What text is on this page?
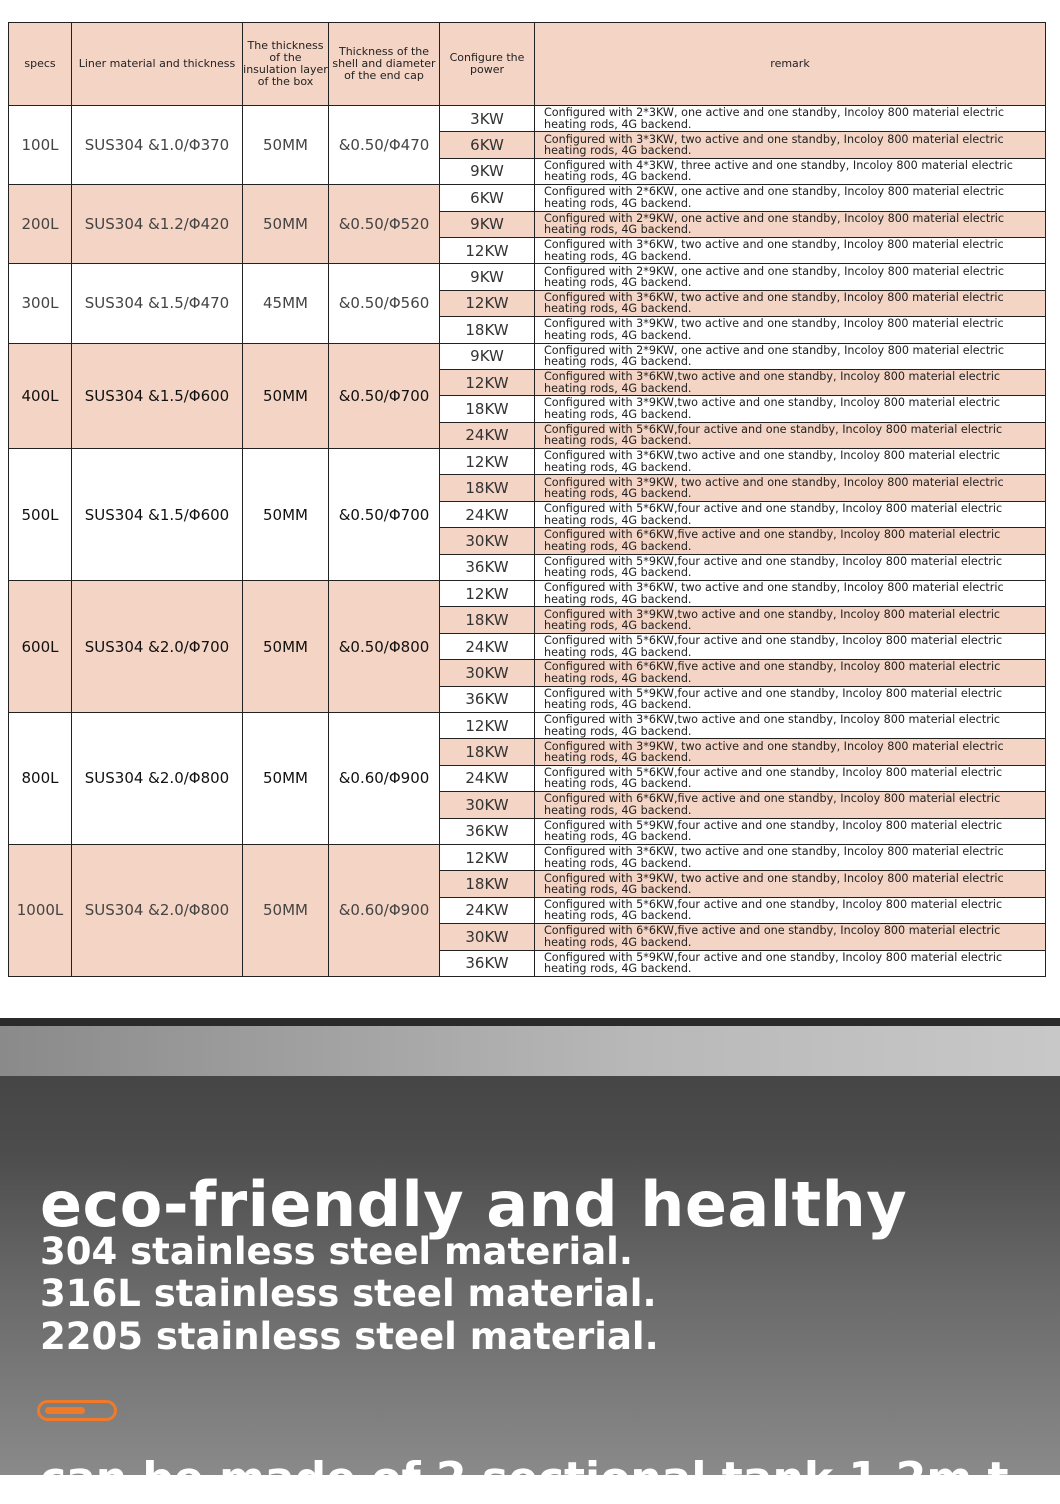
specs	Liner material and thickness	The thickness of the insulation layer of the box	Thickness of the shell and diameter of the end cap	Configure the power	remark
100L	SUS304 &1.0/Φ370	50MM	&0.50/Φ470	3KW	Configured with 2*3KW, one active and one standby, Incoloy 800 material electric heating rods, 4G backend.
				6KW	Configured with 3*3KW, two active and one standby, Incoloy 800 material electric heating rods, 4G backend.
				9KW	Configured with 4*3KW, three active and one standby, Incoloy 800 material electric heating rods, 4G backend.
200L	SUS304 &1.2/Φ420	50MM	&0.50/Φ520	6KW	Configured with 2*6KW, one active and one standby, Incoloy 800 material electric heating rods, 4G backend.
				9KW	Configured with 2*9KW, one active and one standby, Incoloy 800 material electric heating rods, 4G backend.
				12KW	Configured with 3*6KW, two active and one standby, Incoloy 800 material electric heating rods, 4G backend.
300L	SUS304 &1.5/Φ470	45MM	&0.50/Φ560	9KW	Configured with 2*9KW, one active and one standby, Incoloy 800 material electric heating rods, 4G backend.
				12KW	Configured with 3*6KW, two active and one standby, Incoloy 800 material electric heating rods, 4G backend.
				18KW	Configured with 3*9KW, two active and one standby, Incoloy 800 material electric heating rods, 4G backend.
400L	SUS304 &1.5/Φ600	50MM	&0.50/Φ700	9KW	Configured with 2*9KW, one active and one standby, Incoloy 800 material electric heating rods, 4G backend.
				12KW	Configured with 3*6KW,two active and one standby, Incoloy 800 material electric heating rods, 4G backend.
				18KW	Configured with 3*9KW,two active and one standby, Incoloy 800 material electric heating rods, 4G backend.
				24KW	Configured with 5*6KW,four active and one standby, Incoloy 800 material electric heating rods, 4G backend.
500L	SUS304 &1.5/Φ600	50MM	&0.50/Φ700	12KW	Configured with 3*6KW,two active and one standby, Incoloy 800 material electric heating rods, 4G backend.
				18KW	Configured with 3*9KW, two active and one standby, Incoloy 800 material electric heating rods, 4G backend.
				24KW	Configured with 5*6KW,four active and one standby, Incoloy 800 material electric heating rods, 4G backend.
				30KW	Configured with 6*6KW,five active and one standby, Incoloy 800 material electric heating rods, 4G backend.
				36KW	Configured with 5*9KW,four active and one standby, Incoloy 800 material electric heating rods, 4G backend.
600L	SUS304 &2.0/Φ700	50MM	&0.50/Φ800	12KW	Configured with 3*6KW, two active and one standby, Incoloy 800 material electric heating rods, 4G backend.
				18KW	Configured with 3*9KW,two active and one standby, Incoloy 800 material electric heating rods, 4G backend.
				24KW	Configured with 5*6KW,four active and one standby, Incoloy 800 material electric heating rods, 4G backend.
				30KW	Configured with 6*6KW,five active and one standby, Incoloy 800 material electric heating rods, 4G backend.
				36KW	Configured with 5*9KW,four active and one standby, Incoloy 800 material electric heating rods, 4G backend.
800L	SUS304 &2.0/Φ800	50MM	&0.60/Φ900	12KW	Configured with 3*6KW,two active and one standby, Incoloy 800 material electric heating rods, 4G backend.
				18KW	Configured with 3*9KW, two active and one standby, Incoloy 800 material electric heating rods, 4G backend.
				24KW	Configured with 5*6KW,four active and one standby, Incoloy 800 material electric heating rods, 4G backend.
				30KW	Configured with 6*6KW,five active and one standby, Incoloy 800 material electric heating rods, 4G backend.
				36KW	Configured with 5*9KW,four active and one standby, Incoloy 800 material electric heating rods, 4G backend.
1000L	SUS304 &2.0/Φ800	50MM	&0.60/Φ900	12KW	Configured with 3*6KW, two active and one standby, Incoloy 800 material electric heating rods, 4G backend.
				18KW	Configured with 3*9KW, two active and one standby, Incoloy 800 material electric heating rods, 4G backend.
				24KW	Configured with 5*6KW,four active and one standby, Incoloy 800 material electric heating rods, 4G backend.
				30KW	Configured with 6*6KW,five active and one standby, Incoloy 800 material electric heating rods, 4G backend.
				36KW	Configured with 5*9KW,four active and one standby, Incoloy 800 material electric heating rods, 4G backend.
eco-friendly and healthy

304 stainless steel material.

316L stainless steel material.

2205 stainless steel material.

can be made of 2 sectional tank 1.2m t
